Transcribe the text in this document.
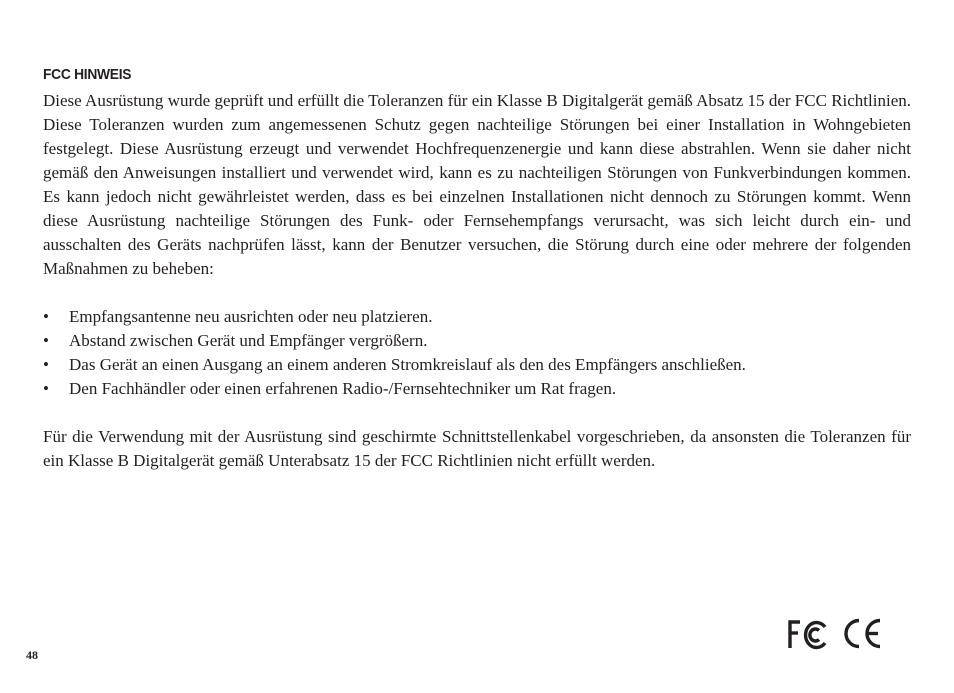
FCC HINWEIS

Diese Ausrüstung wurde geprüft und erfüllt die Toleranzen für ein Klasse B Digitalgerät gemäß Absatz 15 der FCC Richtlinien. Diese Toleranzen wurden zum angemessenen Schutz gegen nachteilige Störungen bei einer Installation in Wohngebieten festgelegt. Diese Ausrüstung erzeugt und verwendet Hochfrequenzenergie und kann diese abstrahlen. Wenn sie daher nicht gemäß den Anweisungen installiert und verwendet wird, kann es zu nachteiligen Störungen von Funkverbindungen kommen. Es kann jedoch nicht gewährleistet werden, dass es bei einzelnen Installationen nicht dennoch zu Störungen kommt. Wenn diese Ausrüstung nachteilige Störungen des Funk- oder Fernsehempfangs verursacht, was sich leicht durch ein- und ausschalten des Geräts nachprüfen lässt, kann der Benutzer versuchen, die Störung durch eine oder mehrere der folgenden Maßnahmen zu beheben:

• Empfangsantenne neu ausrichten oder neu platzieren.
• Abstand zwischen Gerät und Empfänger vergrößern.
• Das Gerät an einen Ausgang an einem anderen Stromkreislauf als den des Empfängers anschließen.
• Den Fachhändler oder einen erfahrenen Radio-/Fernsehtechniker um Rat fragen.

Für die Verwendung mit der Ausrüstung sind geschirmte Schnittstellenkabel vorgeschrieben, da ansonsten die Toleranzen für ein Klasse B Digitalgerät gemäß Unterabsatz 15 der FCC Richtlinien nicht erfüllt werden.

48
